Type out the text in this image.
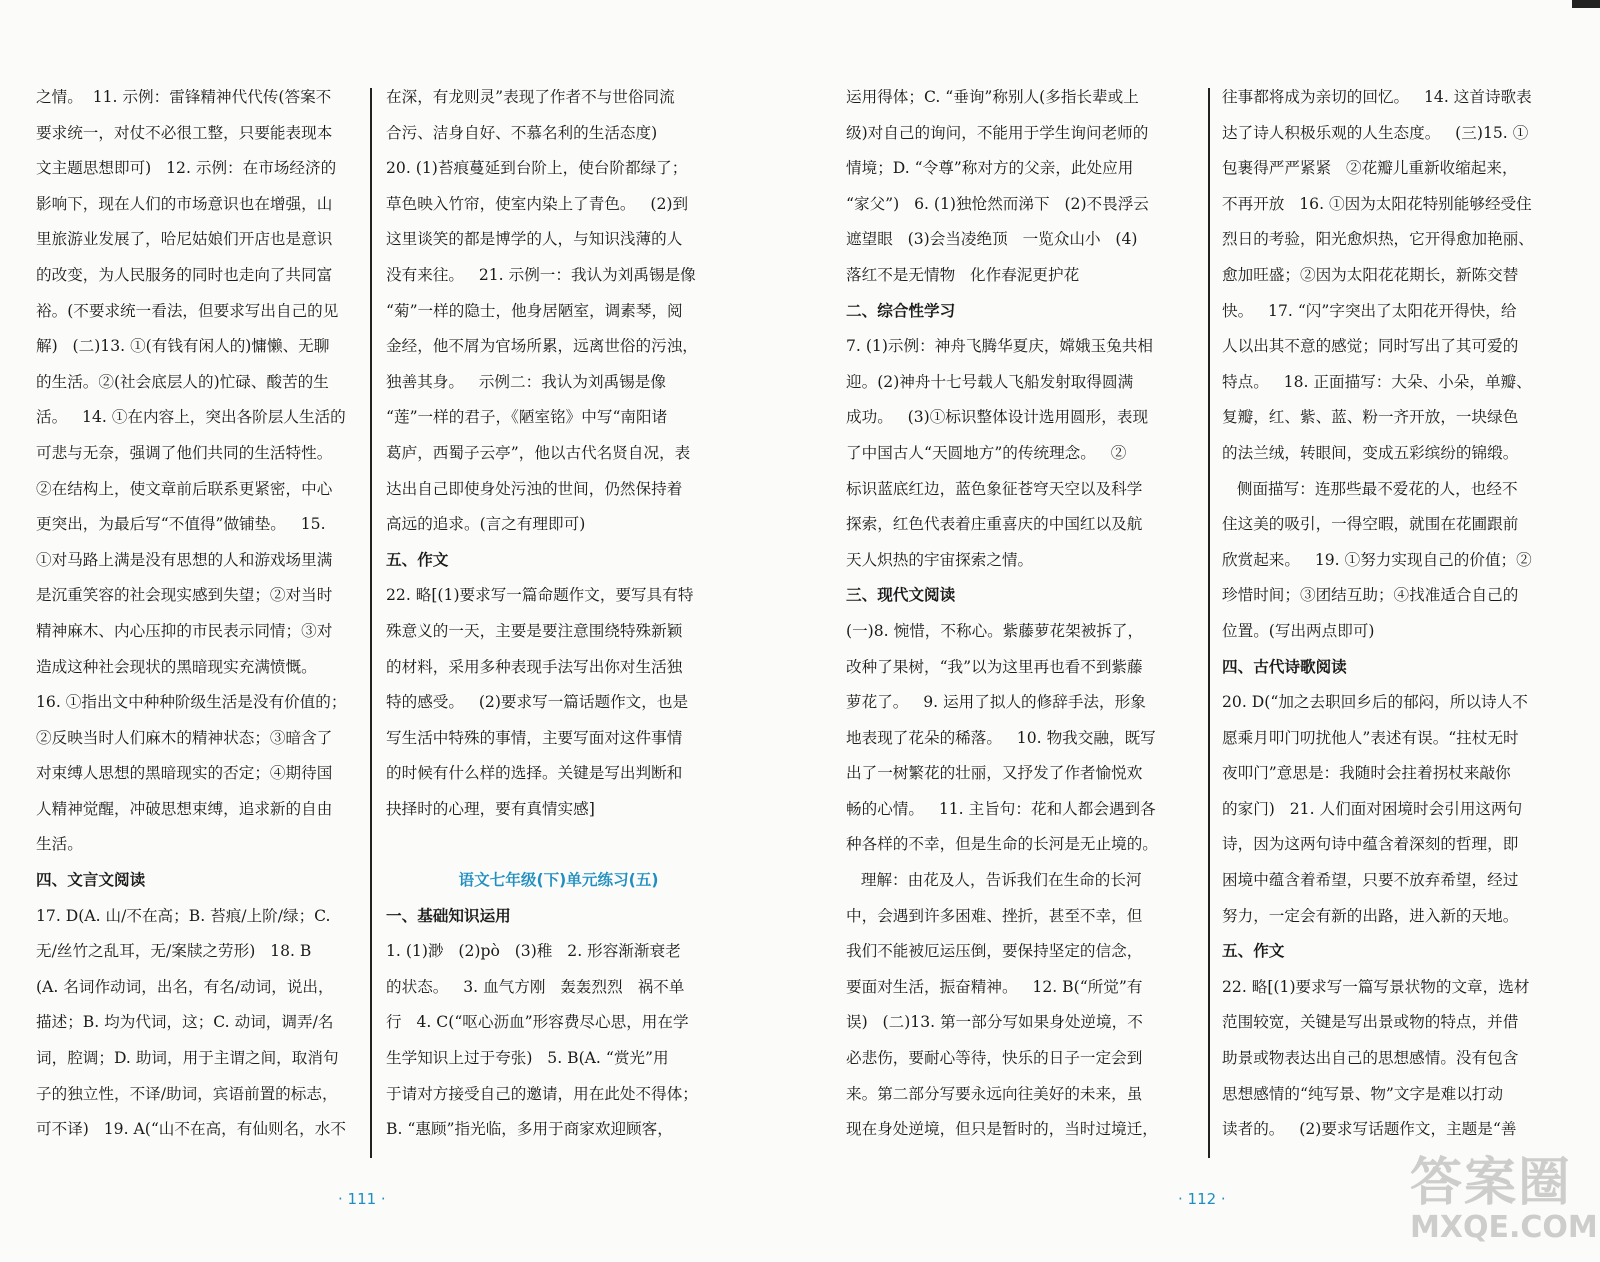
之情。  11. 示例：雷锋精神代代传(答案不
要求统一，对仗不必很工整，只要能表现本
文主题思想即可)   12. 示例：在市场经济的
影响下，现在人们的市场意识也在增强，山
里旅游业发展了，哈尼姑娘们开店也是意识
的改变，为人民服务的同时也走向了共同富
裕。(不要求统一看法，但要求写出自己的见
解)   (二)13. ①(有钱有闲人的)慵懒、无聊
的生活。②(社会底层人的)忙碌、酸苦的生
活。   14. ①在内容上，突出各阶层人生活的
可悲与无奈，强调了他们共同的生活特性。
②在结构上，使文章前后联系更紧密，中心
更突出，为最后写“不值得”做铺垫。   15.
①对马路上满是没有思想的人和游戏场里满
是沉重笑容的社会现实感到失望；②对当时
精神麻木、内心压抑的市民表示同情；③对
造成这种社会现状的黑暗现实充满愤慨。
16. ①指出文中种种阶级生活是没有价值的；
②反映当时人们麻木的精神状态；③暗含了
对束缚人思想的黑暗现实的否定；④期待国
人精神觉醒，冲破思想束缚，追求新的自由
生活。
四、文言文阅读
17. D(A. 山/不在高；B. 苔痕/上阶/绿；C.
无/丝竹之乱耳，无/案牍之劳形)   18. B
(A. 名词作动词，出名，有名/动词，说出，
描述；B. 均为代词，这；C. 动词，调弄/名
词，腔调；D. 助词，用于主谓之间，取消句
子的独立性，不译/助词，宾语前置的标志，
可不译)   19. A(“山不在高，有仙则名，水不
在深，有龙则灵”表现了作者不与世俗同流
合污、洁身自好、不慕名利的生活态度)
20. (1)苔痕蔓延到台阶上，使台阶都绿了；
草色映入竹帘，使室内染上了青色。   (2)到
这里谈笑的都是博学的人，与知识浅薄的人
没有来往。   21. 示例一：我认为刘禹锡是像
“菊”一样的隐士，他身居陋室，调素琴，阅
金经，他不屑为官场所累，远离世俗的污浊，
独善其身。   示例二：我认为刘禹锡是像
“莲”一样的君子，《陋室铭》中写“南阳诸
葛庐，西蜀子云亭”，他以古代名贤自况，表
达出自己即使身处污浊的世间，仍然保持着
高远的追求。(言之有理即可)
五、作文
22. 略[(1)要求写一篇命题作文，要写具有特
殊意义的一天，主要是要注意围绕特殊新颖
的材料，采用多种表现手法写出你对生活独
特的感受。   (2)要求写一篇话题作文，也是
写生活中特殊的事情，主要写面对这件事情
的时候有什么样的选择。关键是写出判断和
抉择时的心理，要有真情实感]
语文七年级(下)单元练习(五)
一、基础知识运用
1. (1)渺   (2)pò   (3)稚   2. 形容渐渐衰老
的状态。   3. 血气方刚   轰轰烈烈   祸不单
行   4. C(“呕心沥血”形容费尽心思，用在学
生学知识上过于夸张)   5. B(A. “赏光”用
于请对方接受自己的邀请，用在此处不得体；
B. “惠顾”指光临，多用于商家欢迎顾客，
运用得体；C. “垂询”称别人(多指长辈或上
级)对自己的询问，不能用于学生询问老师的
情境；D. “令尊”称对方的父亲，此处应用
“家父”)   6. (1)独怆然而涕下   (2)不畏浮云
遮望眼   (3)会当凌绝顶   一览众山小   (4)
落红不是无情物   化作春泥更护花
二、综合性学习
7. (1)示例：神舟飞腾华夏庆，嫦娥玉兔共相
迎。(2)神舟十七号载人飞船发射取得圆满
成功。   (3)①标识整体设计选用圆形，表现
了中国古人“天圆地方”的传统理念。   ②
标识蓝底红边，蓝色象征苍穹天空以及科学
探索，红色代表着庄重喜庆的中国红以及航
天人炽热的宇宙探索之情。
三、现代文阅读
(一)8. 惋惜，不称心。紫藤萝花架被拆了，
改种了果树，“我”以为这里再也看不到紫藤
萝花了。   9. 运用了拟人的修辞手法，形象
地表现了花朵的稀落。   10. 物我交融，既写
出了一树繁花的壮丽，又抒发了作者愉悦欢
畅的心情。   11. 主旨句：花和人都会遇到各
种各样的不幸，但是生命的长河是无止境的。
理解：由花及人，告诉我们在生命的长河
中，会遇到许多困难、挫折，甚至不幸，但
我们不能被厄运压倒，要保持坚定的信念，
要面对生活，振奋精神。   12. B(“所觉”有
误)   (二)13. 第一部分写如果身处逆境，不
必悲伤，要耐心等待，快乐的日子一定会到
来。第二部分写要永远向往美好的未来，虽
现在身处逆境，但只是暂时的，当时过境迁，
往事都将成为亲切的回忆。   14. 这首诗歌表
达了诗人积极乐观的人生态度。   (三)15. ①
包裹得严严紧紧   ②花瓣儿重新收缩起来，
不再开放   16. ①因为太阳花特别能够经受住
烈日的考验，阳光愈炽热，它开得愈加艳丽、
愈加旺盛；②因为太阳花花期长，新陈交替
快。   17. “闪”字突出了太阳花开得快，给
人以出其不意的感觉；同时写出了其可爱的
特点。   18. 正面描写：大朵、小朵，单瓣、
复瓣，红、紫、蓝、粉一齐开放，一块绿色
的法兰绒，转眼间，变成五彩缤纷的锦缎。
侧面描写：连那些最不爱花的人，也经不
住这美的吸引，一得空暇，就围在花圃跟前
欣赏起来。   19. ①努力实现自己的价值；②
珍惜时间；③团结互助；④找准适合自己的
位置。(写出两点即可)
四、古代诗歌阅读
20. D(“加之去职回乡后的郁闷，所以诗人不
愿乘月叩门叨扰他人”表述有误。“拄杖无时
夜叩门”意思是：我随时会拄着拐杖来敲你
的家门)   21. 人们面对困境时会引用这两句
诗，因为这两句诗中蕴含着深刻的哲理，即
困境中蕴含着希望，只要不放弃希望，经过
努力，一定会有新的出路，进入新的天地。
五、作文
22. 略[(1)要求写一篇写景状物的文章，选材
范围较宽，关键是写出景或物的特点，并借
助景或物表达出自己的思想感情。没有包含
思想感情的“纯写景、物”文字是难以打动
读者的。   (2)要求写话题作文，主题是“善
· 111 ·	· 112 ·	答案圈
MXQE.COM
